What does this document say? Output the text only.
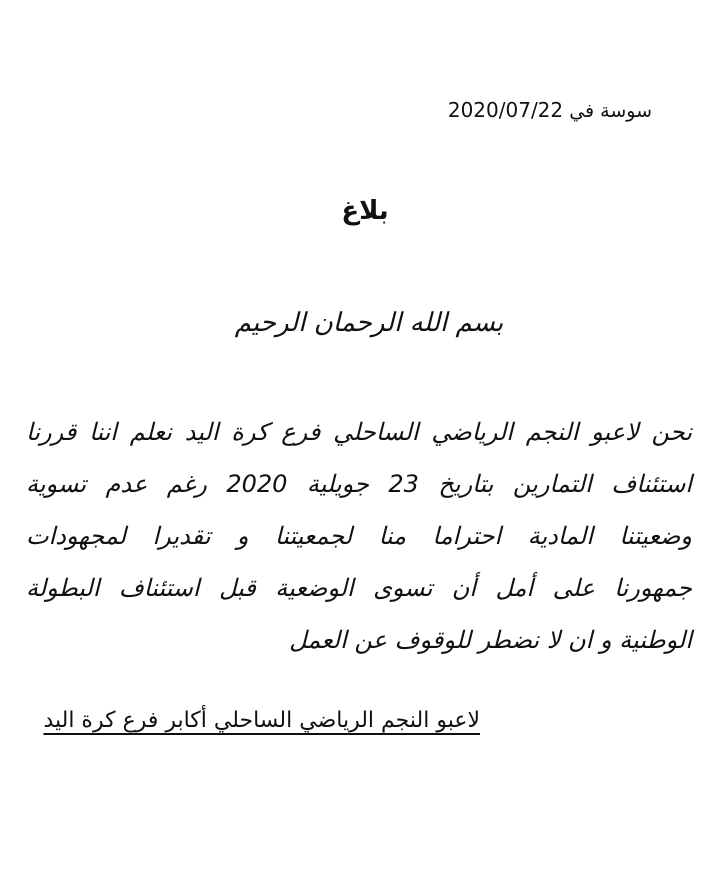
سوسة في 2020/07/22
بلاغ
بسم الله الرحمان الرحيم
نحن لاعبو النجم الرياضي الساحلي فرع كرة اليد نعلم اننا قررنا
استئناف التمارين بتاريخ 23 جويلية 2020 رغم عدم تسوية
وضعيتنا المادية احتراما منا لجمعيتنا و تقديرا لمجهودات
جمهورنا على أمل أن تسوى الوضعية قبل استئناف البطولة
الوطنية و ان لا نضطر للوقوف عن العمل
لاعبو النجم الرياضي الساحلي أكابر فرع كرة اليد
